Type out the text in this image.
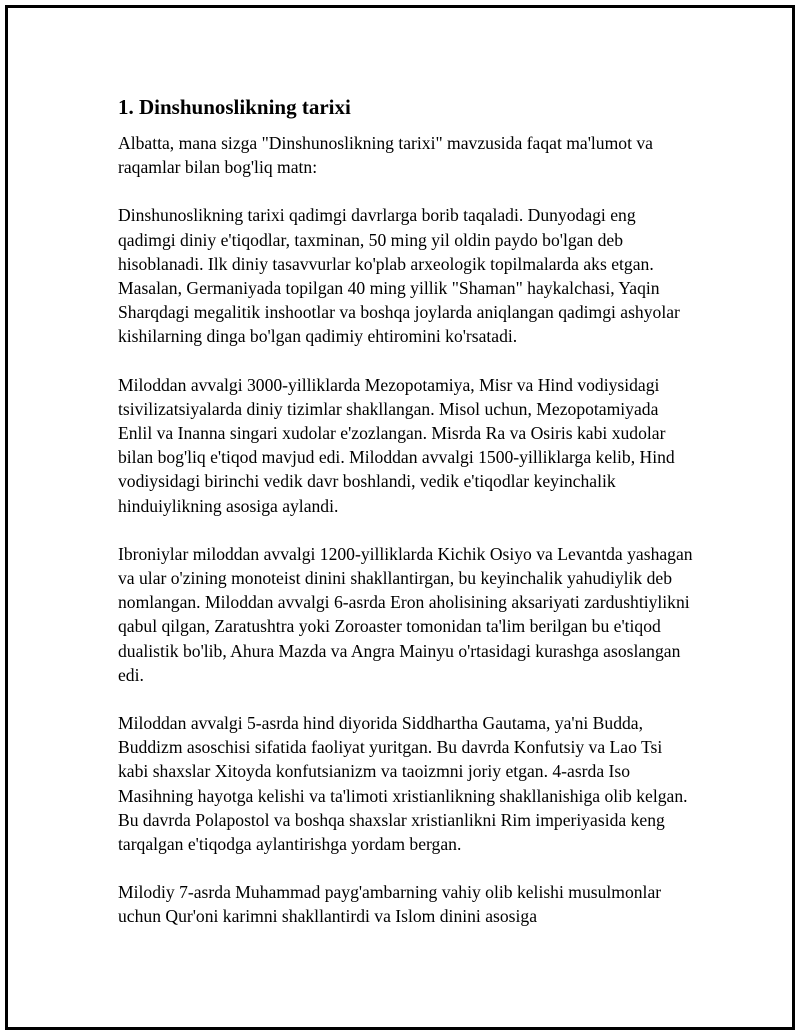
1. Dinshunoslikning tarixi

Albatta, mana sizga "Dinshunoslikning tarixi" mavzusida faqat ma'lumot va raqamlar bilan bog'liq matn:

Dinshunoslikning tarixi qadimgi davrlarga borib taqaladi. Dunyodagi eng qadimgi diniy e'tiqodlar, taxminan, 50 ming yil oldin paydo bo'lgan deb hisoblanadi. Ilk diniy tasavvurlar ko'plab arxeologik topilmalarda aks etgan. Masalan, Germaniyada topilgan 40 ming yillik "Shaman" haykalchasi, Yaqin Sharqdagi megalitik inshootlar va boshqa joylarda aniqlangan qadimgi ashyolar kishilarning dinga bo'lgan qadimiy ehtiromini ko'rsatadi.

Miloddan avvalgi 3000-yilliklarda Mezopotamiya, Misr va Hind vodiysidagi tsivilizatsiyalarda diniy tizimlar shakllangan. Misol uchun, Mezopotamiyada Enlil va Inanna singari xudolar e'zozlangan. Misrda Ra va Osiris kabi xudolar bilan bog'liq e'tiqod mavjud edi. Miloddan avvalgi 1500-yilliklarga kelib, Hind vodiysidagi birinchi vedik davr boshlandi, vedik e'tiqodlar keyinchalik hinduiylikning asosiga aylandi.

Ibroniylar miloddan avvalgi 1200-yilliklarda Kichik Osiyo va Levantda yashagan va ular o'zining monoteist dinini shakllantirgan, bu keyinchalik yahudiylik deb nomlangan. Miloddan avvalgi 6-asrda Eron aholisining aksariyati zardushtiylikni qabul qilgan, Zaratushtra yoki Zoroaster tomonidan ta'lim berilgan bu e'tiqod dualistik bo'lib, Ahura Mazda va Angra Mainyu o'rtasidagi kurashga asoslangan edi.

Miloddan avvalgi 5-asrda hind diyorida Siddhartha Gautama, ya'ni Budda, Buddizm asoschisi sifatida faoliyat yuritgan. Bu davrda Konfutsiy va Lao Tsi kabi shaxslar Xitoyda konfutsianizm va taoizmni joriy etgan. 4-asrda Iso Masihning hayotga kelishi va ta'limoti xristianlikning shakllanishiga olib kelgan. Bu davrda Polapostol va boshqa shaxslar xristianlikni Rim imperiyasida keng tarqalgan e'tiqodga aylantirishga yordam bergan.

Milodiy 7-asrda Muhammad payg'ambarning vahiy olib kelishi musulmonlar uchun Qur'oni karimni shakllantirdi va Islom dinini asosiga
